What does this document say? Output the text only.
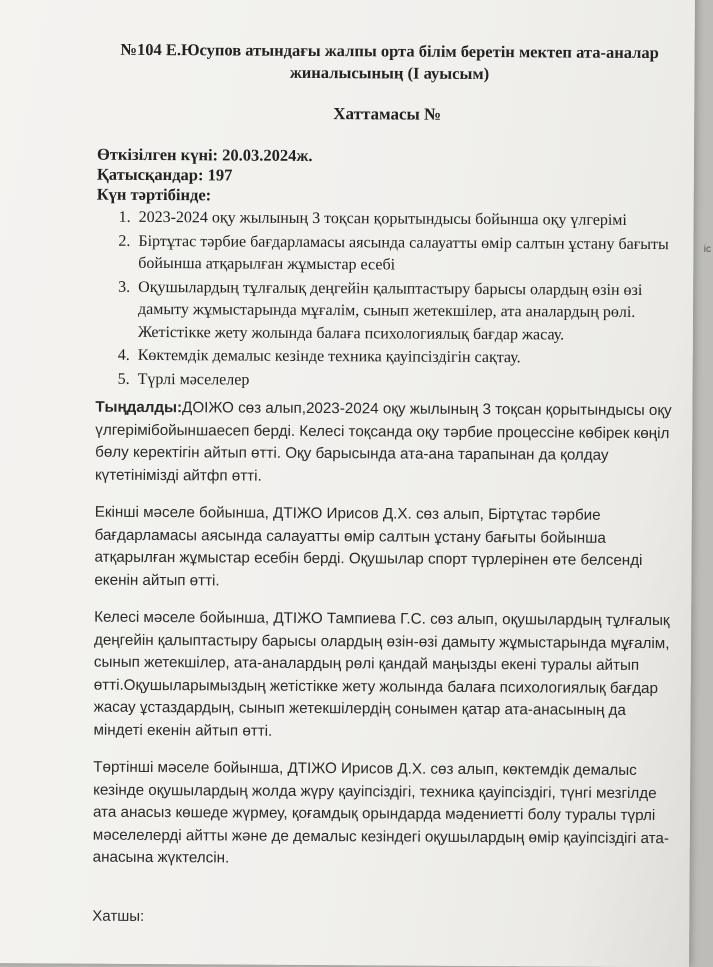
№104 Е.Юсупов атындағы жалпы орта білім беретін мектеп ата-аналар жиналысының (І ауысым)
Хаттамасы №

Өткізілген күні: 20.03.2024ж.

Қатысқандар: 197

Күн тәртібінде:

1. 2023-2024 оқу жылының 3 тоқсан қорытындысы бойынша оқу үлгерімі
2. Біртұтас тәрбие бағдарламасы аясында салауатты өмір салтын ұстану бағыты бойынша атқарылған жұмыстар есебі
3. Оқушылардың тұлғалық деңгейін қалыптастыру барысы олардың өзін өзі дамыту жұмыстарында мұғалім, сынып жетекшілер, ата аналардың рөлі. Жетістікке жету жолында балаға психологиялық бағдар жасау.
4. Көктемдік демалыс кезінде техника қауіпсіздігін сақтау.
5. Түрлі мәселелер

Тыңдалды:ДОІЖО сөз алып,2023-2024 оқу жылының 3 тоқсан қорытындысы оқу үлгерімібойыншаесеп берді. Келесі тоқсанда оқу тәрбие процессіне көбірек көңіл бөлу керектігін айтып өтті. Оқу барысында ата-ана тарапынан да қолдау күтетініміздi айтфп өтті.

Екінші мәселе бойынша, ДТІЖО Ирисов Д.Х. сөз алып, Біртұтас тәрбие бағдарламасы аясында салауатты өмір салтын ұстану бағыты бойынша атқарылған жұмыстар есебін берді. Оқушылар спорт түрлерінен өте белсенді екенін айтып өтті.

Келесі мәселе бойынша, ДТІЖО Тампиева Г.С. сөз алып, оқушылардың тұлғалық деңгейін қалыптастыру барысы олардың өзін-өзі дамыту жұмыстарында мұғалім, сынып жетекшілер, ата-аналардың рөлі қандай маңызды екені туралы айтып өтті.Оқушыларымыздың жетістікке жету жолында балаға психологиялық бағдар жасау ұстаздардың, сынып жетекшілердің сонымен қатар ата-анасының да міндеті екенін айтып өтті.

Төртінші мәселе бойынша, ДТІЖО Ирисов Д.Х. сөз алып, көктемдік демалыс кезінде оқушылардың жолда жүру қауіпсіздігі, техника қауіпсіздігі, түнгі мезгілде ата анасыз көшеде жүрмеу, қоғамдық орындарда мәдениетті болу туралы түрлі мәселелерді айтты және де демалыс кезіндегі оқушылардың өмір қауіпсіздігі ата-анасына жүктелсін.

Хатшы:
іс
